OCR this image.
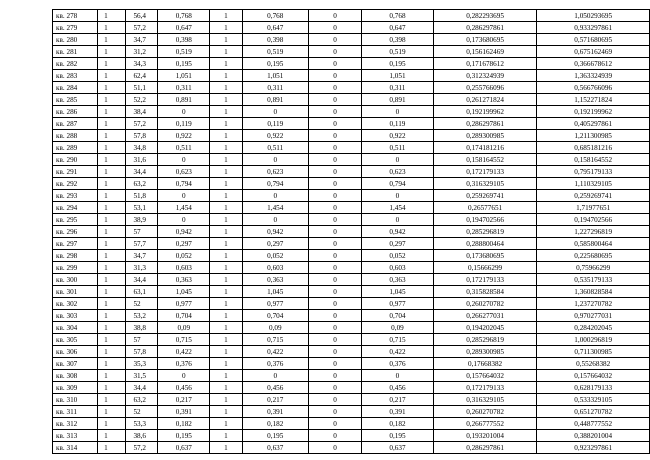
кв. 278	1	56,4	0,768	1	0,768	0	0,768	0,282293695	1,050293695
кв. 279	1	57,2	0,647	1	0,647	0	0,647	0,286297861	0,933297861
кв. 280	1	34,7	0,398	1	0,398	0	0,398	0,173680695	0,571680695
кв. 281	1	31,2	0,519	1	0,519	0	0,519	0,156162469	0,675162469
кв. 282	1	34,3	0,195	1	0,195	0	0,195	0,171678612	0,366678612
кв. 283	1	62,4	1,051	1	1,051	0	1,051	0,312324939	1,363324939
кв. 284	1	51,1	0,311	1	0,311	0	0,311	0,255766096	0,566766096
кв. 285	1	52,2	0,891	1	0,891	0	0,891	0,261271824	1,152271824
кв. 286	1	38,4	0	1	0	0	0	0,192199962	0,192199962
кв. 287	1	57,2	0,119	1	0,119	0	0,119	0,286297861	0,405297861
кв. 288	1	57,8	0,922	1	0,922	0	0,922	0,289300985	1,211300985
кв. 289	1	34,8	0,511	1	0,511	0	0,511	0,174181216	0,685181216
кв. 290	1	31,6	0	1	0	0	0	0,158164552	0,158164552
кв. 291	1	34,4	0,623	1	0,623	0	0,623	0,172179133	0,795179133
кв. 292	1	63,2	0,794	1	0,794	0	0,794	0,316329105	1,110329105
кв. 293	1	51,8	0	1	0	0	0	0,259269741	0,259269741
кв. 294	1	53,1	1,454	1	1,454	0	1,454	0,26577651	1,71977651
кв. 295	1	38,9	0	1	0	0	0	0,194702566	0,194702566
кв. 296	1	57	0,942	1	0,942	0	0,942	0,285296819	1,227296819
кв. 297	1	57,7	0,297	1	0,297	0	0,297	0,288800464	0,585800464
кв. 298	1	34,7	0,052	1	0,052	0	0,052	0,173680695	0,225680695
кв. 299	1	31,3	0,603	1	0,603	0	0,603	0,15666299	0,75966299
кв. 300	1	34,4	0,363	1	0,363	0	0,363	0,172179133	0,535179133
кв. 301	1	63,1	1,045	1	1,045	0	1,045	0,315828584	1,360828584
кв. 302	1	52	0,977	1	0,977	0	0,977	0,260270782	1,237270782
кв. 303	1	53,2	0,704	1	0,704	0	0,704	0,266277031	0,970277031
кв. 304	1	38,8	0,09	1	0,09	0	0,09	0,194202045	0,284202045
кв. 305	1	57	0,715	1	0,715	0	0,715	0,285296819	1,000296819
кв. 306	1	57,8	0,422	1	0,422	0	0,422	0,289300985	0,711300985
кв. 307	1	35,3	0,376	1	0,376	0	0,376	0,17668382	0,55268382
кв. 308	1	31,5	0	1	0	0	0	0,157664032	0,157664032
кв. 309	1	34,4	0,456	1	0,456	0	0,456	0,172179133	0,628179133
кв. 310	1	63,2	0,217	1	0,217	0	0,217	0,316329105	0,533329105
кв. 311	1	52	0,391	1	0,391	0	0,391	0,260270782	0,651270782
кв. 312	1	53,3	0,182	1	0,182	0	0,182	0,266777552	0,448777552
кв. 313	1	38,6	0,195	1	0,195	0	0,195	0,193201004	0,388201004
кв. 314	1	57,2	0,637	1	0,637	0	0,637	0,286297861	0,923297861
